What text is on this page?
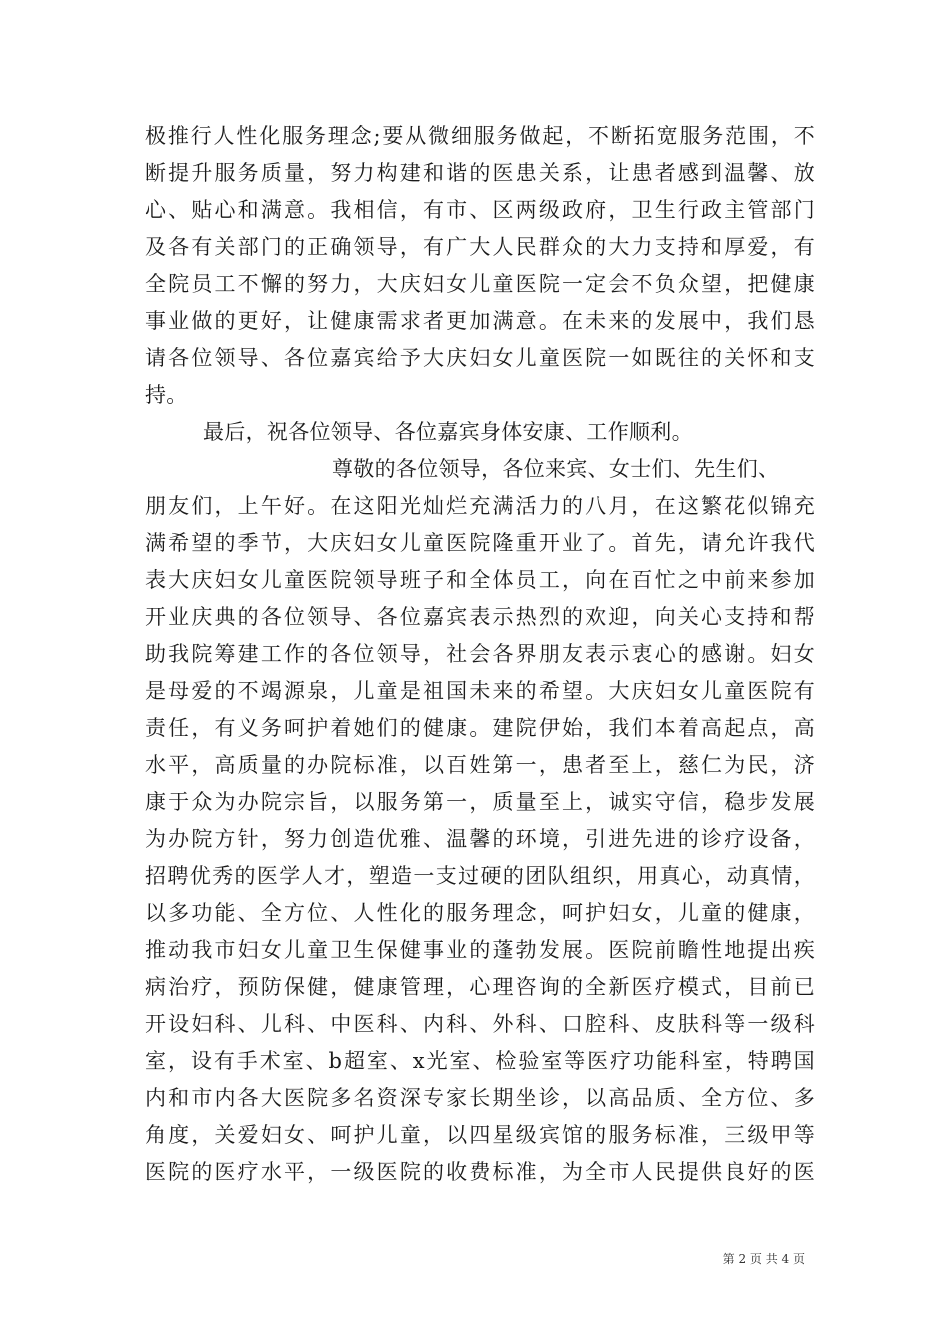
极推行人性化服务理念;要从微细服务做起，不断拓宽服务范围，不
断提升服务质量，努力构建和谐的医患关系，让患者感到温馨、放
心、贴心和满意。我相信，有市、区两级政府，卫生行政主管部门
及各有关部门的正确领导，有广大人民群众的大力支持和厚爱，有
全院员工不懈的努力，大庆妇女儿童医院一定会不负众望，把健康
事业做的更好，让健康需求者更加满意。在未来的发展中，我们恳
请各位领导、各位嘉宾给予大庆妇女儿童医院一如既往的关怀和支
持。
最后，祝各位领导、各位嘉宾身体安康、工作顺利。
尊敬的各位领导，各位来宾、女士们、先生们、
朋友们，上午好。在这阳光灿烂充满活力的八月，在这繁花似锦充
满希望的季节，大庆妇女儿童医院隆重开业了。首先，请允许我代
表大庆妇女儿童医院领导班子和全体员工，向在百忙之中前来参加
开业庆典的各位领导、各位嘉宾表示热烈的欢迎，向关心支持和帮
助我院筹建工作的各位领导，社会各界朋友表示衷心的感谢。妇女
是母爱的不竭源泉，儿童是祖国未来的希望。大庆妇女儿童医院有
责任，有义务呵护着她们的健康。建院伊始，我们本着高起点，高
水平，高质量的办院标准，以百姓第一，患者至上，慈仁为民，济
康于众为办院宗旨，以服务第一，质量至上，诚实守信，稳步发展
为办院方针，努力创造优雅、温馨的环境，引进先进的诊疗设备，
招聘优秀的医学人才，塑造一支过硬的团队组织，用真心，动真情，
以多功能、全方位、人性化的服务理念，呵护妇女，儿童的健康，
推动我市妇女儿童卫生保健事业的蓬勃发展。医院前瞻性地提出疾
病治疗，预防保健，健康管理，心理咨询的全新医疗模式，目前已
开设妇科、儿科、中医科、内科、外科、口腔科、皮肤科等一级科
室，设有手术室、b超室、x光室、检验室等医疗功能科室，特聘国
内和市内各大医院多名资深专家长期坐诊，以高品质、全方位、多
角度，关爱妇女、呵护儿童，以四星级宾馆的服务标准，三级甲等
医院的医疗水平，一级医院的收费标准，为全市人民提供良好的医
第 2 页 共 4 页
